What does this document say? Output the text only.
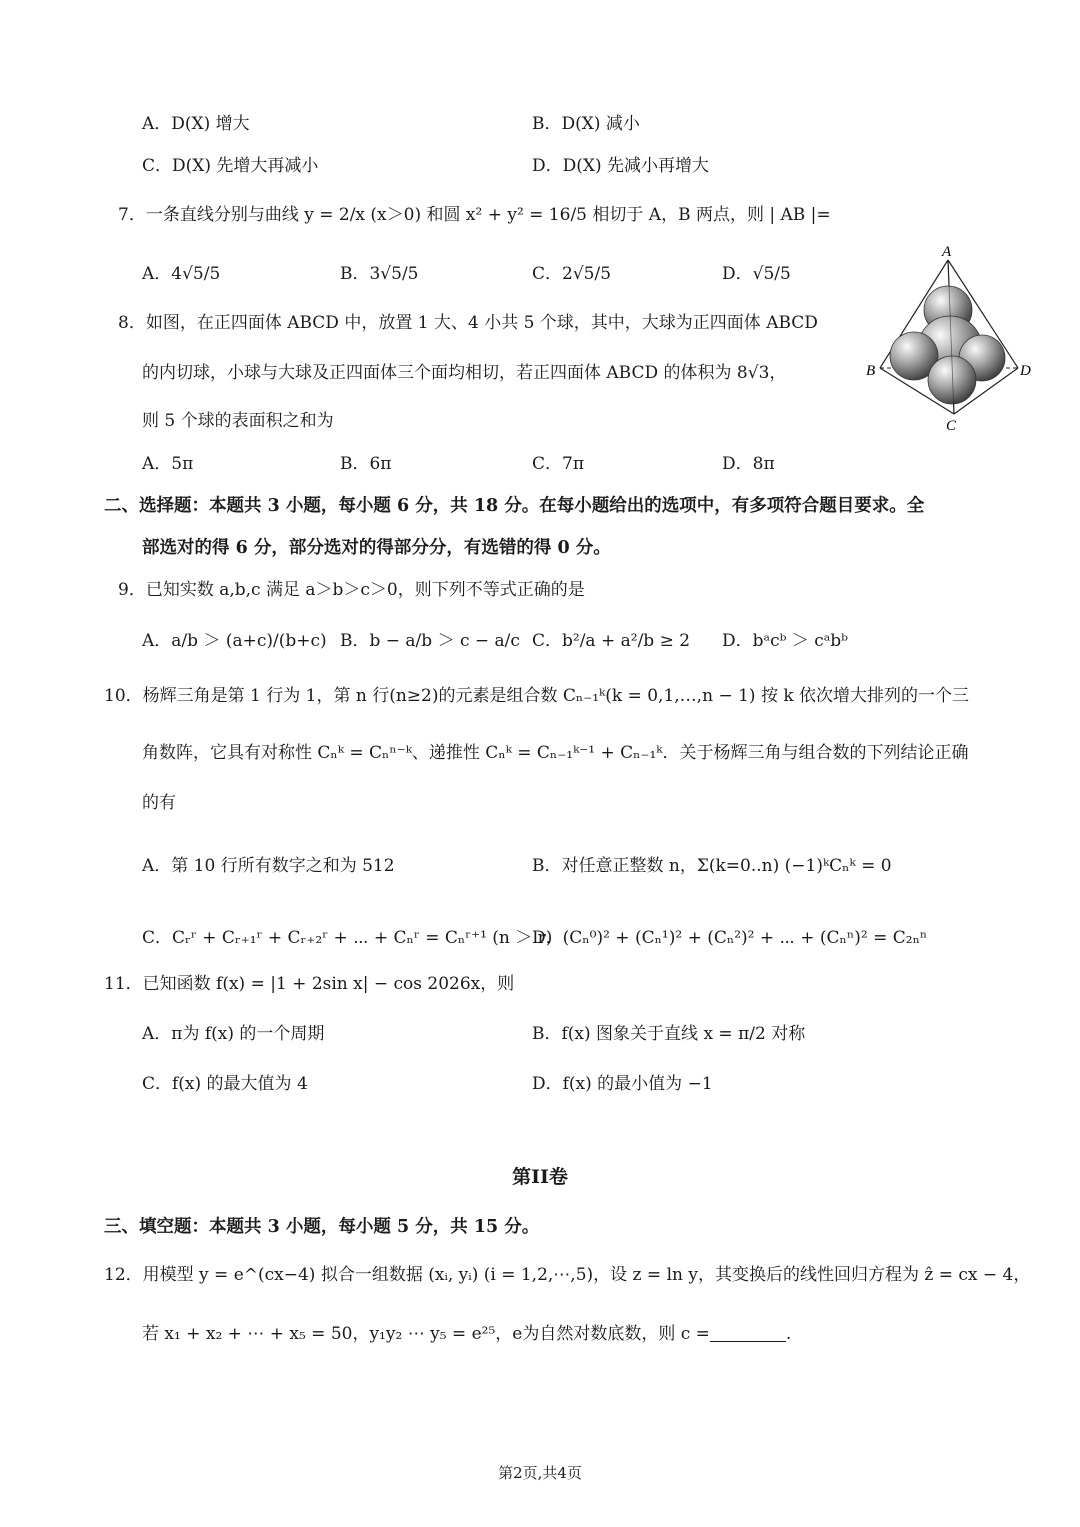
A．D(X) 增大	B．D(X) 减小
C．D(X) 先增大再减小	D．D(X) 先减小再增大
7．一条直线分别与曲线 y = 2/x (x＞0) 和圆 x² + y² = 16/5 相切于 A，B 两点，则 | AB |=
A．4√5/5	B．3√5/5	C．2√5/5	D．√5/5
8．如图，在正四面体 ABCD 中，放置 1 大、4 小共 5 个球，其中，大球为正四面体 ABCD
的内切球，小球与大球及正四面体三个面均相切，若正四面体 ABCD 的体积为 8√3，
则 5 个球的表面积之和为
A．5π	B．6π	C．7π	D．8π
A
B
C
D
二、选择题：本题共 3 小题，每小题 6 分，共 18 分。在每小题给出的选项中，有多项符合题目要求。全
部选对的得 6 分，部分选对的得部分分，有选错的得 0 分。
9．已知实数 a,b,c 满足 a＞b＞c＞0，则下列不等式正确的是
A．a/b ＞ (a+c)/(b+c) B．b − a/b ＞ c − a/c C．b²/a + a²/b ≥ 2 D．bᵃcᵇ ＞ cᵃbᵇ
10．杨辉三角是第 1 行为 1，第 n 行(n≥2)的元素是组合数 Cₙ₋₁ᵏ(k = 0,1,…,n − 1) 按 k 依次增大排列的一个三
角数阵，它具有对称性 Cₙᵏ = Cₙⁿ⁻ᵏ、递推性 Cₙᵏ = Cₙ₋₁ᵏ⁻¹ + Cₙ₋₁ᵏ．关于杨辉三角与组合数的下列结论正确
的有
A．第 10 行所有数字之和为 512	B．对任意正整数 n，Σ(k=0..n) (−1)ᵏCₙᵏ = 0
C．Cᵣʳ + Cᵣ₊₁ʳ + Cᵣ₊₂ʳ + ⋯ + Cₙʳ = Cₙʳ⁺¹ (n ＞ r)
D．(Cₙ⁰)² + (Cₙ¹)² + (Cₙ²)² + ⋯ + (Cₙⁿ)² = C₂ₙⁿ
11．已知函数 f(x) = |1 + 2sin x| − cos 2026x，则
A．π为 f(x) 的一个周期	B．f(x) 图象关于直线 x = π/2 对称
C．f(x) 的最大值为 4	D．f(x) 的最小值为 −1
第II卷
三、填空题：本题共 3 小题，每小题 5 分，共 15 分。
12．用模型 y = e^(cx−4) 拟合一组数据 (xᵢ, yᵢ) (i = 1,2,⋯,5)，设 z = ln y，其变换后的线性回归方程为 ẑ = cx − 4，
若 x₁ + x₂ + ⋯ + x₅ = 50，y₁y₂ ⋯ y₅ = e²⁵，e为自然对数底数，则 c =	.
第2页,共4页
